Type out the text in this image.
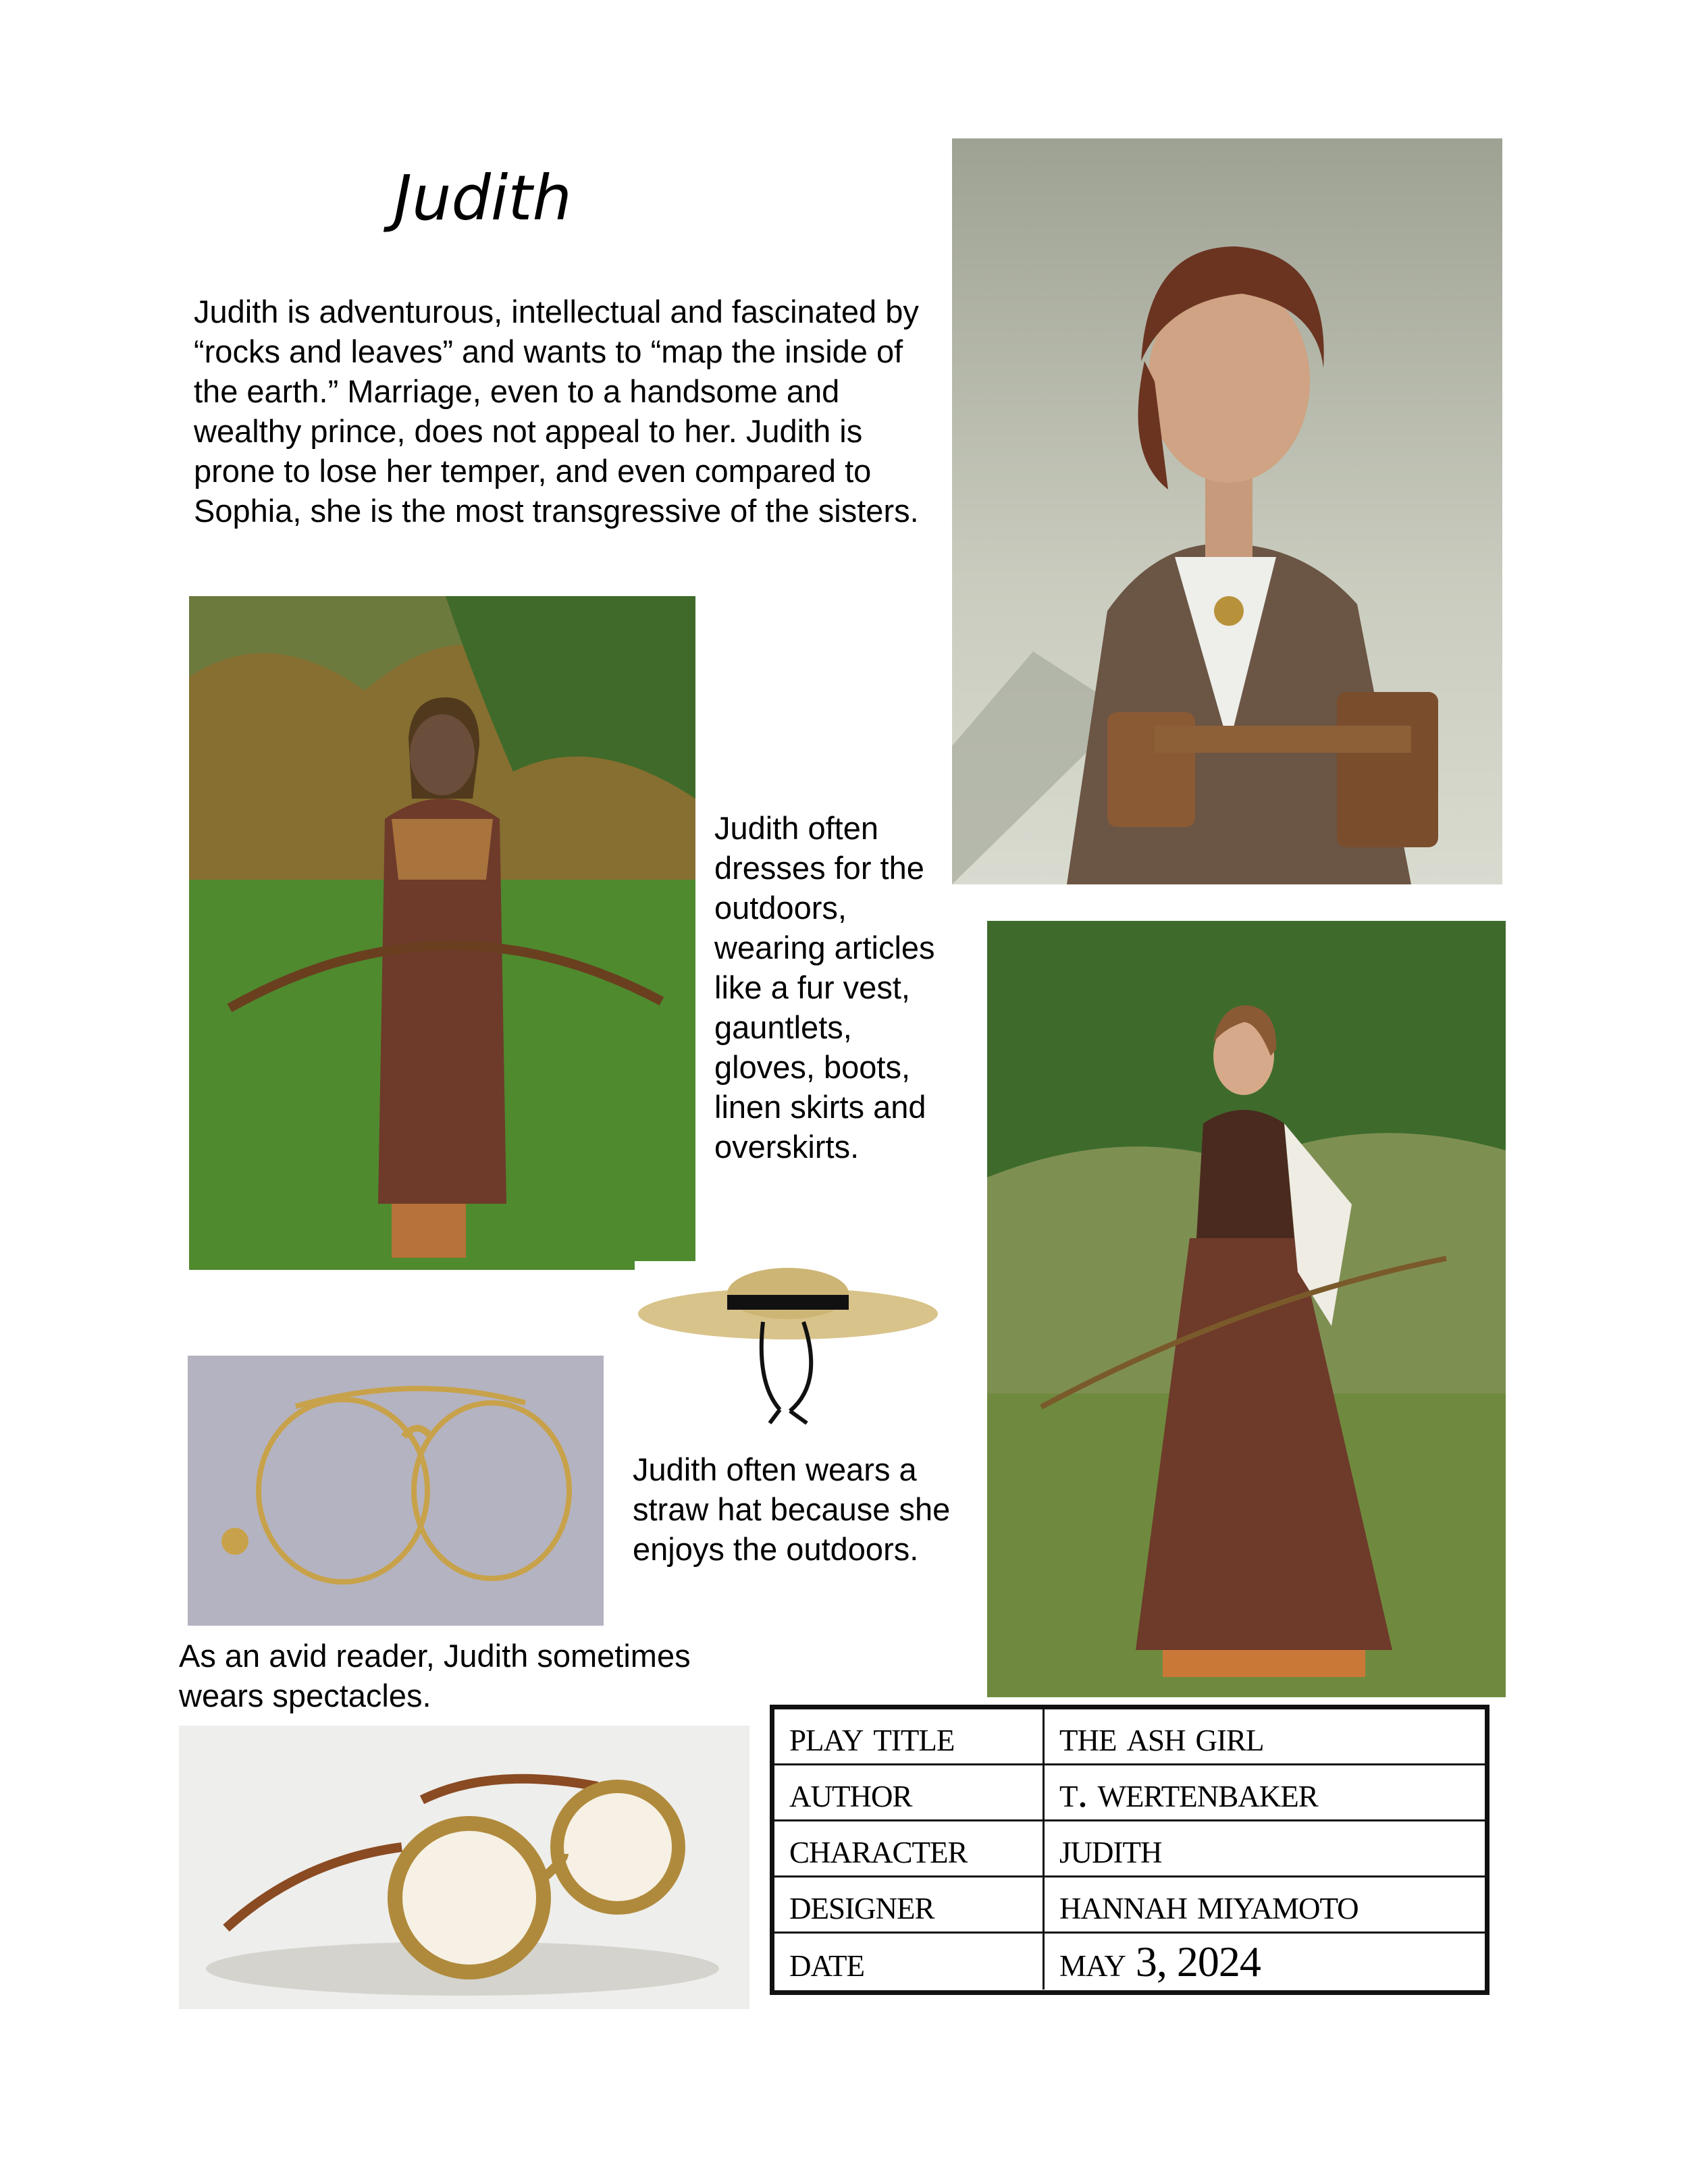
Judith
Judith is adventurous, intellectual and fascinated by “rocks and leaves” and wants to “map the inside of the earth.” Marriage, even to a handsome and wealthy prince, does not appeal to her. Judith is prone to lose her temper, and even compared to Sophia, she is the most transgressive of the sisters.
Judith often dresses for the outdoors, wearing articles like a fur vest, gauntlets, gloves, boots, linen skirts and overskirts.
Judith often wears a straw hat because she enjoys the outdoors.
As an avid reader, Judith sometimes wears spectacles.
play title	the ash girl
author	t. wertenbaker
character	judith
designer	hannah miyamoto
date	may 3, 2024
